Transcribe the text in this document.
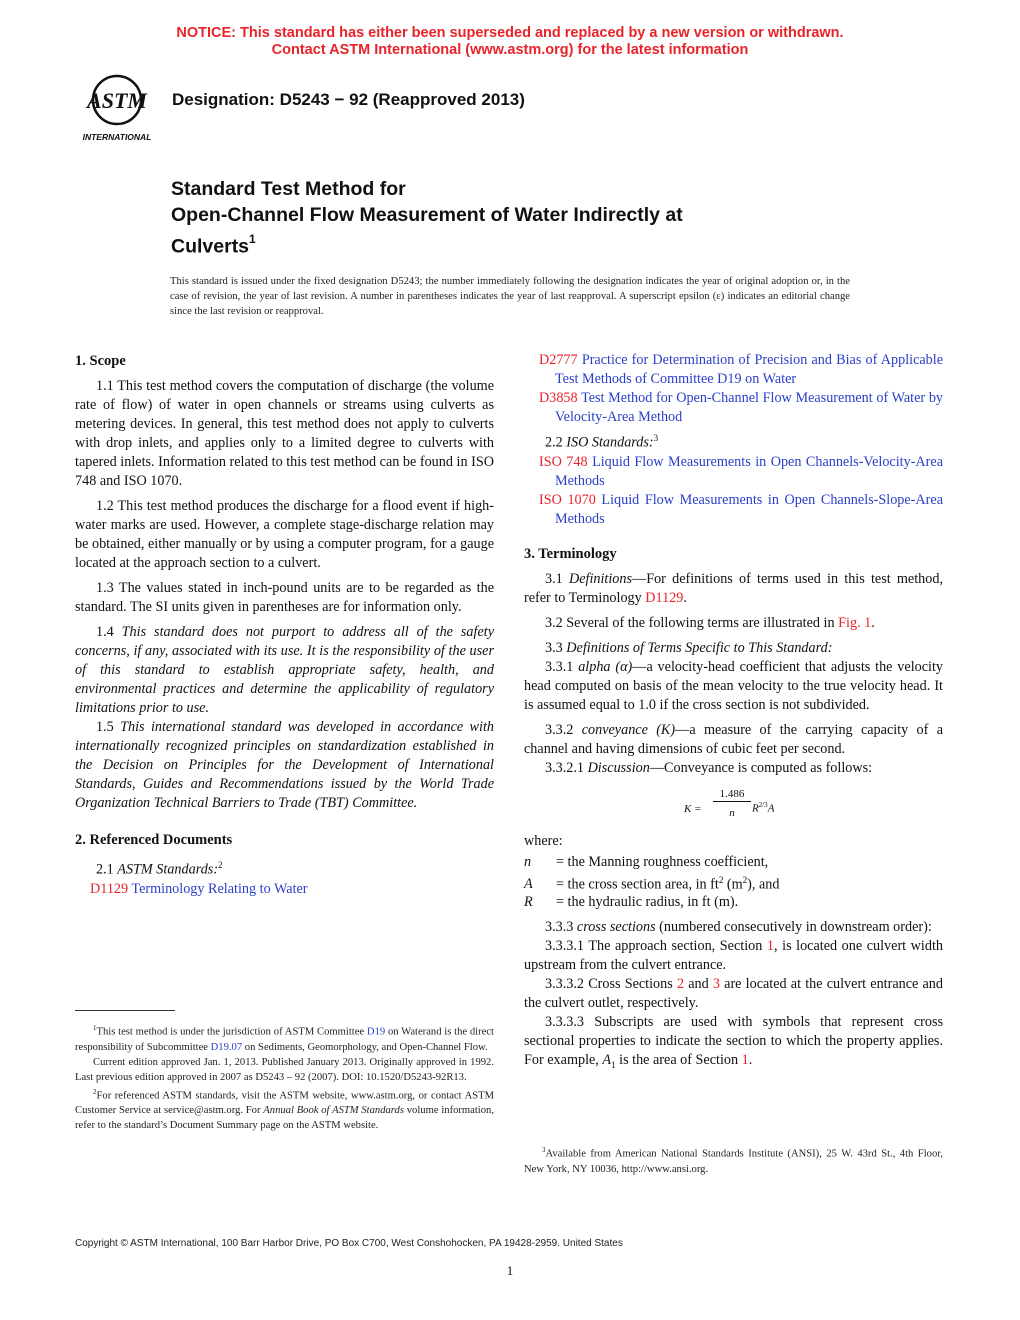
NOTICE: This standard has either been superseded and replaced by a new version or withdrawn.
Contact ASTM International (www.astm.org) for the latest information
ASTM
INTERNATIONAL
Designation: D5243 − 92 (Reapproved 2013)
Standard Test Method for
Open-Channel Flow Measurement of Water Indirectly at
Culverts$^1$
This standard is issued under the fixed designation D5243; the number immediately following the designation indicates the year of original adoption or, in the case of revision, the year of last revision. A number in parentheses indicates the year of last reapproval. A superscript epsilon (ε) indicates an editorial change since the last revision or reapproval.
1. Scope

1.1 This test method covers the computation of discharge (the volume rate of flow) of water in open channels or streams using culverts as metering devices. In general, this test method does not apply to culverts with drop inlets, and applies only to a limited degree to culverts with tapered inlets. Information related to this test method can be found in ISO 748 and ISO 1070.

1.2 This test method produces the discharge for a flood event if high-water marks are used. However, a complete stage-discharge relation may be obtained, either manually or by using a computer program, for a gauge located at the approach section to a culvert.

1.3 The values stated in inch-pound units are to be regarded as the standard. The SI units given in parentheses are for information only.

1.4 This standard does not purport to address all of the safety concerns, if any, associated with its use. It is the responsibility of the user of this standard to establish appropriate safety, health, and environmental practices and determine the applicability of regulatory limitations prior to use.

1.5 This international standard was developed in accordance with internationally recognized principles on standardization established in the Decision on Principles for the Development of International Standards, Guides and Recommendations issued by the World Trade Organization Technical Barriers to Trade (TBT) Committee.

2. Referenced Documents

2.1 ASTM Standards:$^2$

D1129 Terminology Relating to Water

$^1$This test method is under the jurisdiction of ASTM Committee D19 on Waterand is the direct responsibility of Subcommittee D19.07 on Sediments, Geomorphology, and Open-Channel Flow.

Current edition approved Jan. 1, 2013. Published January 2013. Originally approved in 1992. Last previous edition approved in 2007 as D5243 – 92 (2007). DOI: 10.1520/D5243-92R13.

$^2$For referenced ASTM standards, visit the ASTM website, www.astm.org, or contact ASTM Customer Service at service@astm.org. For Annual Book of ASTM Standards volume information, refer to the standard’s Document Summary page on the ASTM website.

D2777 Practice for Determination of Precision and Bias of Applicable Test Methods of Committee D19 on Water

D3858 Test Method for Open-Channel Flow Measurement of Water by Velocity-Area Method

2.2 ISO Standards:$^3$

ISO 748 Liquid Flow Measurements in Open Channels-Velocity-Area Methods

ISO 1070 Liquid Flow Measurements in Open Channels-Slope-Area Methods

3. Terminology

3.1 Definitions—For definitions of terms used in this test method, refer to Terminology D1129.

3.2 Several of the following terms are illustrated in Fig. 1.

3.3 Definitions of Terms Specific to This Standard:

3.3.1 alpha (α)—a velocity-head coefficient that adjusts the velocity head computed on basis of the mean velocity to the true velocity head. It is assumed equal to 1.0 if the cross section is not subdivided.

3.3.2 conveyance (K)—a measure of the carrying capacity of a channel and having dimensions of cubic feet per second.

3.3.2.1 Discussion—Conveyance is computed as follows:

K =
1.486
n	$R^{2/3}A$

where:

n = the Manning roughness coefficient,
A = the cross section area, in $ft^2$ $(m^2)$, and
R = the hydraulic radius, in ft (m).

3.3.3 cross sections (numbered consecutively in downstream order):

3.3.3.1 The approach section, Section 1, is located one culvert width upstream from the culvert entrance.

3.3.3.2 Cross Sections 2 and 3 are located at the culvert entrance and the culvert outlet, respectively.

3.3.3.3 Subscripts are used with symbols that represent cross sectional properties to indicate the section to which the property applies. For example, $A_1$ is the area of Section 1.

$^3$Available from American National Standards Institute (ANSI), 25 W. 43rd St., 4th Floor, New York, NY 10036, http://www.ansi.org.

Copyright © ASTM International, 100 Barr Harbor Drive, PO Box C700, West Conshohocken, PA 19428-2959. United States
1
